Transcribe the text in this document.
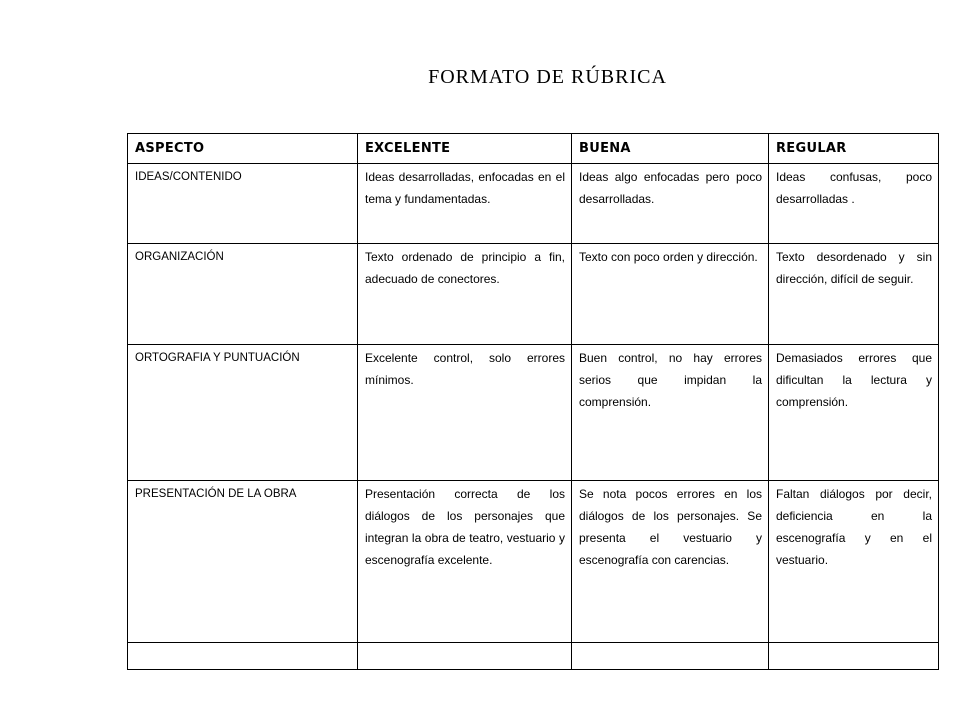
FORMATO DE RÚBRICA
ASPECTO	EXCELENTE	BUENA	REGULAR
IDEAS/CONTENIDO	Ideas desarrolladas, enfocadas en el tema y fundamentadas.	Ideas algo enfocadas pero poco desarrolladas.	Ideas confusas, poco desarrolladas .
ORGANIZACIÓN	Texto ordenado de principio a fin, adecuado de conectores.	Texto con poco orden y dirección.	Texto desordenado y sin dirección, difícil de seguir.
ORTOGRAFIA Y PUNTUACIÓN	Excelente control, solo errores mínimos.	Buen control, no hay errores serios que impidan la comprensión.	Demasiados errores que dificultan la lectura y comprensión.
PRESENTACIÓN DE LA OBRA	Presentación correcta de los diálogos de los personajes que integran la obra de teatro, vestuario y escenografía excelente.	Se nota pocos errores en los diálogos de los personajes. Se presenta el vestuario y escenografía con carencias.	Faltan diálogos por decir, deficiencia en la escenografía y en el vestuario.
